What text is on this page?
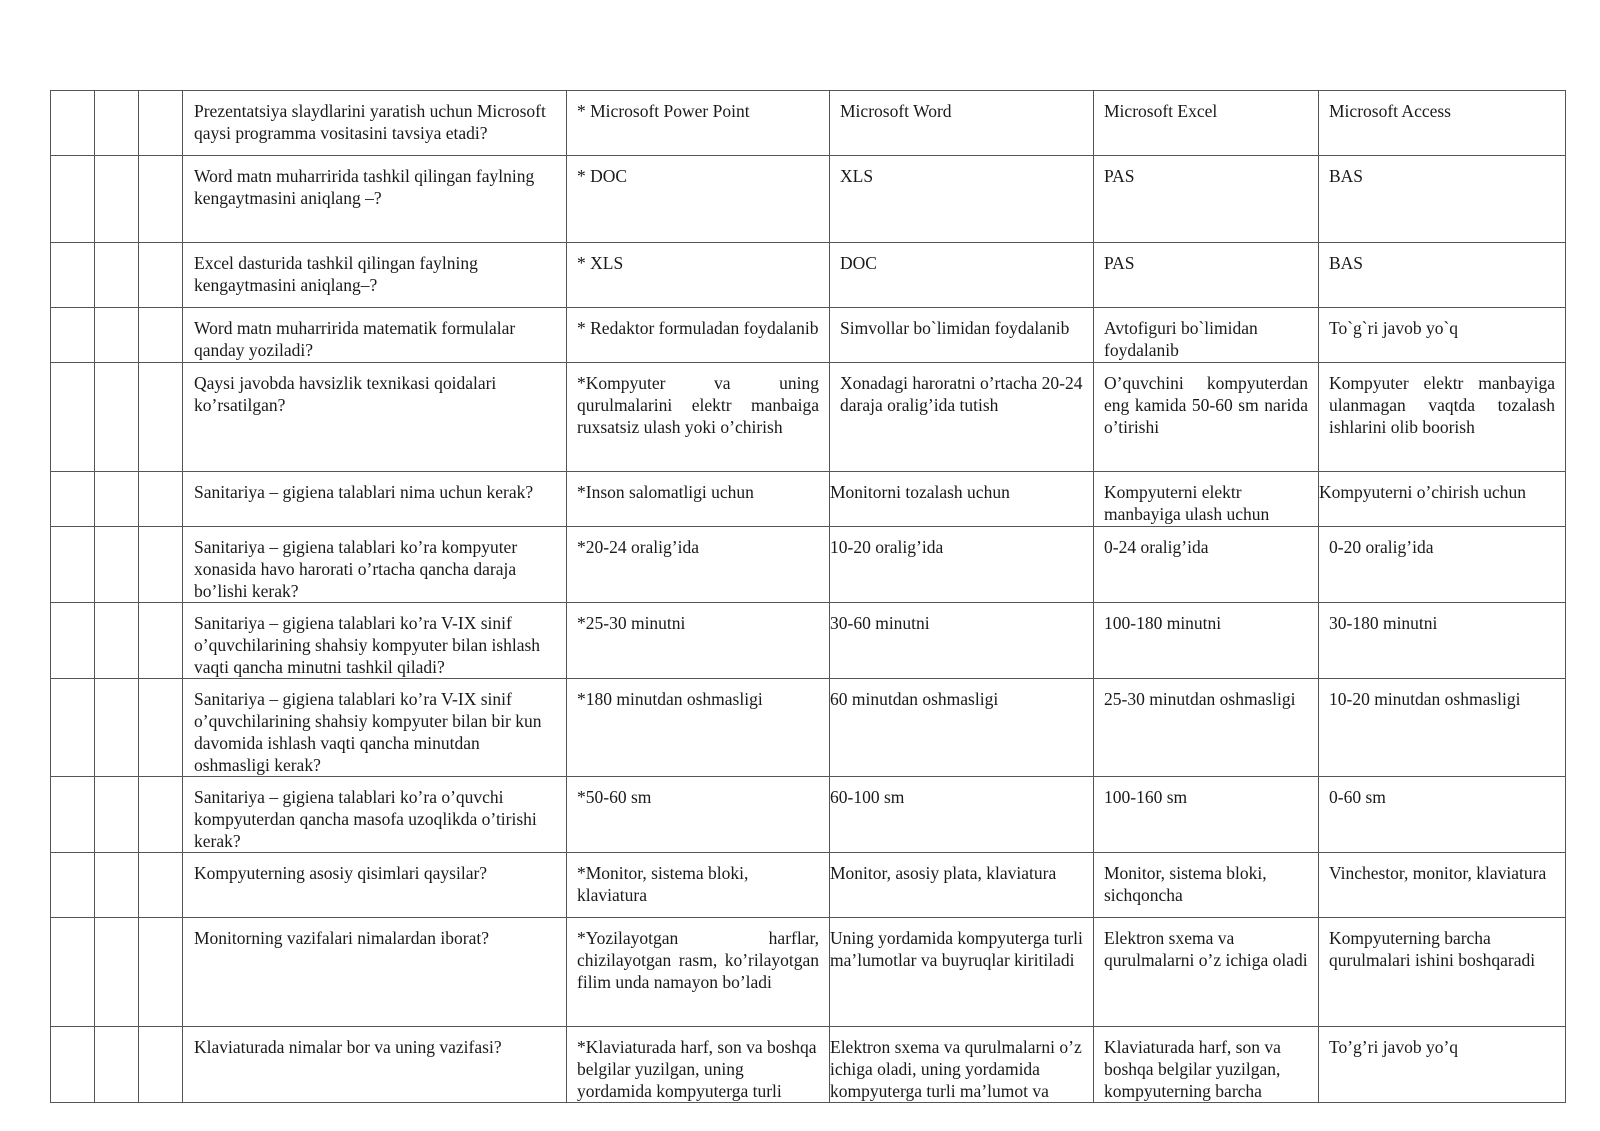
			Prezentatsiya slaydlarini yaratish uchun Microsoft qaysi programma vositasini tavsiya etadi?	* Microsoft Power Point	Microsoft Word	Microsoft Excel	Microsoft Access
			Word matn muharririda tashkil qilingan faylning kengaytmasini aniqlang –?	* DOC	XLS	PAS	BAS
			Excel dasturida tashkil qilingan faylning kengaytmasini aniqlang–?	* XLS	DOC	PAS	BAS
			Word matn muharririda matematik formulalar qanday yoziladi?	* Redaktor formuladan foydalanib	Simvollar bo`limidan foydalanib	Avtofiguri bo`limidan foydalanib	To`g`ri javob yo`q
			Qaysi javobda havsizlik texnikasi qoidalari ko’rsatilgan?	*Kompyuter va uning qurulmalarini elektr manbaiga ruxsatsiz ulash yoki o’chirish	Xonadagi haroratni o’rtacha 20-24 daraja oralig’ida tutish	O’quvchini kompyuterdan eng kamida 50-60 sm narida o’tirishi	Kompyuter elektr manbayiga ulanmagan vaqtda tozalash ishlarini olib boorish
			Sanitariya – gigiena talablari nima uchun kerak?	*Inson salomatligi uchun	Monitorni tozalash uchun	Kompyuterni elektr manbayiga ulash uchun	Kompyuterni o’chirish uchun
			Sanitariya – gigiena talablari ko’ra kompyuter xonasida havo harorati o’rtacha qancha daraja bo’lishi kerak?	*20-24 oralig’ida	10-20 oralig’ida	0-24 oralig’ida	0-20 oralig’ida
			Sanitariya – gigiena talablari ko’ra V-IX sinif o’quvchilarining shahsiy kompyuter bilan ishlash vaqti qancha minutni tashkil qiladi?	*25-30 minutni	30-60 minutni	100-180 minutni	30-180 minutni
			Sanitariya – gigiena talablari ko’ra V-IX sinif o’quvchilarining shahsiy kompyuter bilan bir kun davomida ishlash vaqti qancha minutdan oshmasligi kerak?	*180 minutdan oshmasligi	60 minutdan oshmasligi	25-30 minutdan oshmasligi	10-20 minutdan oshmasligi
			Sanitariya – gigiena talablari ko’ra o’quvchi kompyuterdan qancha masofa uzoqlikda o’tirishi kerak?	*50-60 sm	60-100 sm	100-160 sm	0-60 sm
			Kompyuterning asosiy qisimlari qaysilar?	*Monitor, sistema bloki, klaviatura	Monitor, asosiy plata, klaviatura	Monitor, sistema bloki, sichqoncha	Vinchestor, monitor, klaviatura
			Monitorning vazifalari nimalardan iborat?	*Yozilayotgan harflar, chizilayotgan rasm, ko’rilayotgan filim unda namayon bo’ladi	Uning yordamida kompyuterga turli ma’lumotlar va buyruqlar kiritiladi	Elektron sxema va qurulmalarni o’z ichiga oladi	Kompyuterning barcha qurulmalari ishini boshqaradi
			Klaviaturada nimalar bor va uning vazifasi?	*Klaviaturada harf, son va boshqa belgilar yuzilgan, uning yordamida kompyuterga turli	Elektron sxema va qurulmalarni o’z ichiga oladi, uning yordamida kompyuterga turli ma’lumot va	Klaviaturada harf, son va boshqa belgilar yuzilgan, kompyuterning barcha	To’g’ri javob yo’q
